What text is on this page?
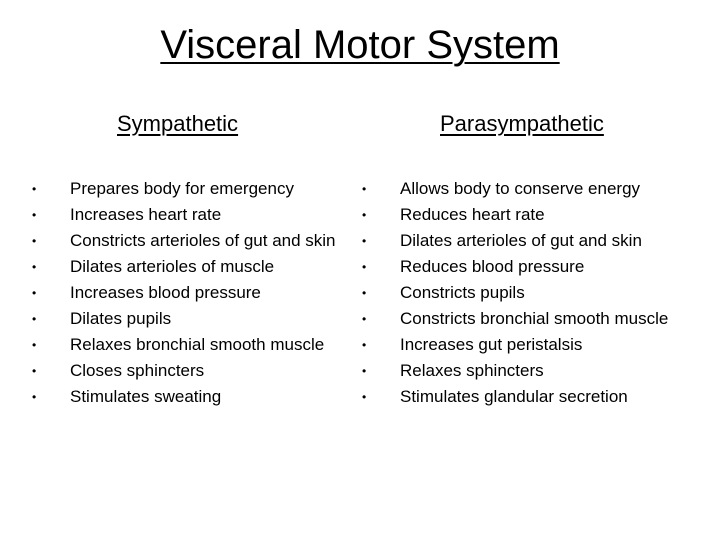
Visceral Motor System
Sympathetic	Parasympathetic
• Prepares body for emergency
• Increases heart rate
• Constricts arterioles of gut and skin
• Dilates arterioles of muscle
• Increases blood pressure
• Dilates pupils
• Relaxes bronchial smooth muscle
• Closes sphincters
• Stimulates sweating
• Allows body to conserve energy
• Reduces heart rate
• Dilates arterioles of gut and skin
• Reduces blood pressure
• Constricts pupils
• Constricts bronchial smooth muscle
• Increases gut peristalsis
• Relaxes sphincters
• Stimulates glandular secretion
